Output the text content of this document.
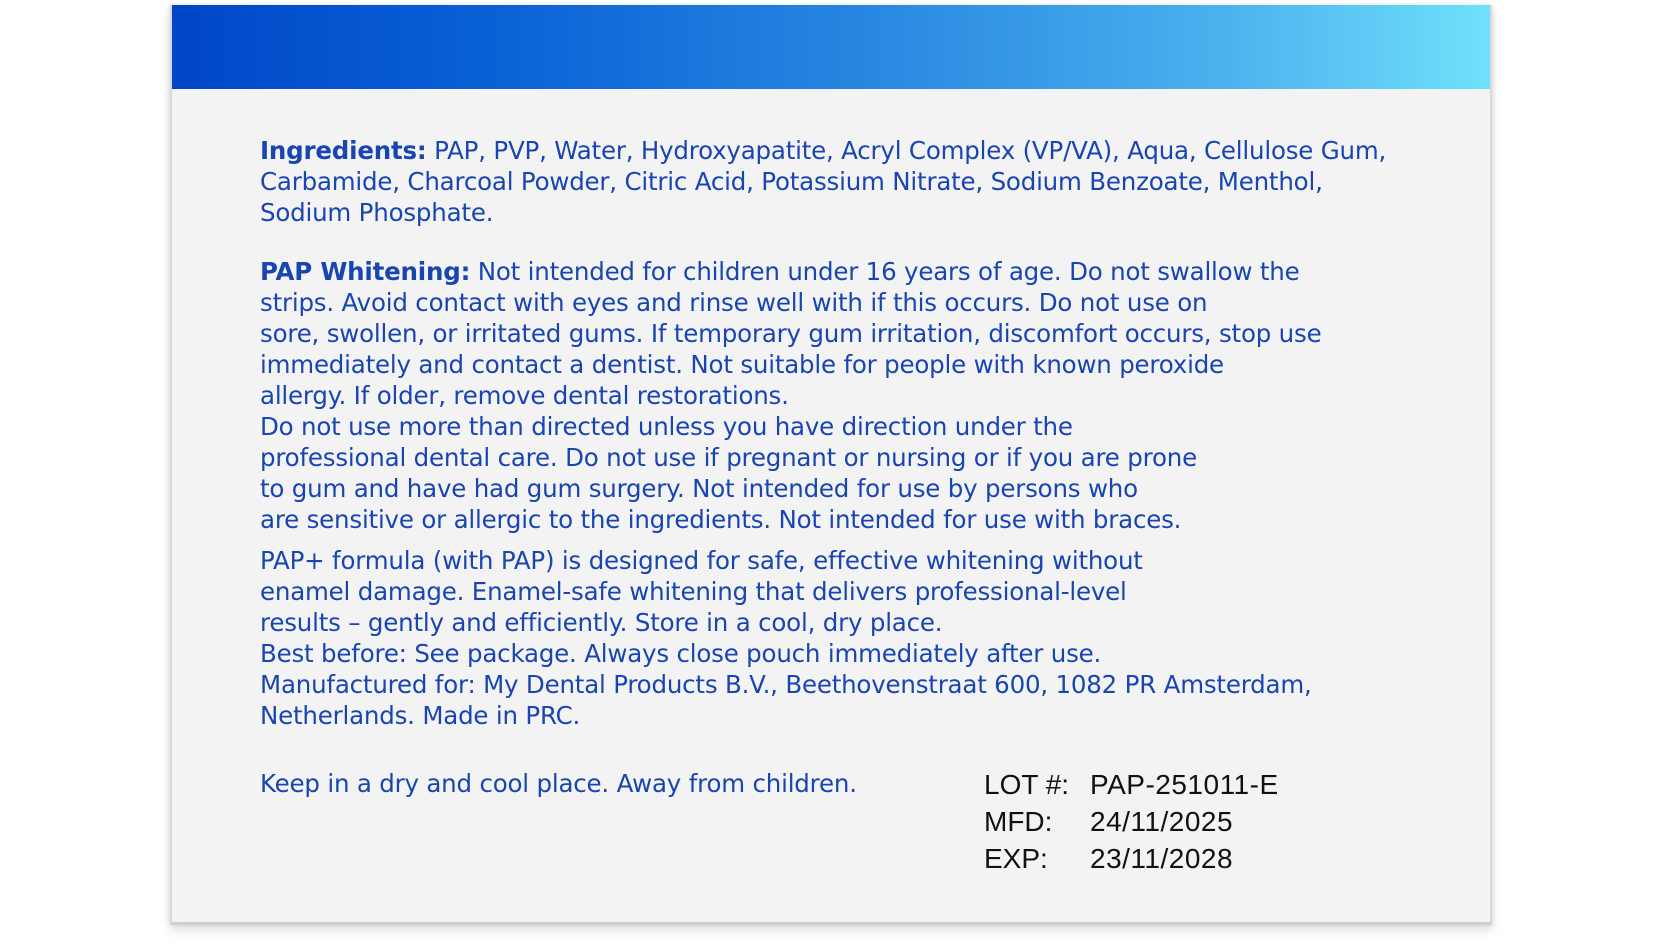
Ingredients: PAP, PVP, Water, Hydroxyapatite, Acryl Complex (VP/VA), Aqua, Cellulose Gum, Carbamide, Charcoal Powder, Citric Acid, Potassium Nitrate, Sodium Benzoate, Menthol, Sodium Phosphate.

PAP Whitening: Not intended for children under 16 years of age. Do not swallow the
strips. Avoid contact with eyes and rinse well with if this occurs. Do not use on
sore, swollen, or irritated gums. If temporary gum irritation, discomfort occurs, stop use
immediately and contact a dentist. Not suitable for people with known peroxide
allergy. If older, remove dental restorations.
Do not use more than directed unless you have direction under the
professional dental care. Do not use if pregnant or nursing or if you are prone
to gum and have had gum surgery. Not intended for use by persons who
are sensitive or allergic to the ingredients. Not intended for use with braces.
PAP+ formula (with PAP) is designed for safe, effective whitening without
enamel damage. Enamel-safe whitening that delivers professional-level
results – gently and efficiently. Store in a cool, dry place.
Best before: See package. Always close pouch immediately after use.
Manufactured for: My Dental Products B.V., Beethovenstraat 600, 1082 PR Amsterdam,
Netherlands. Made in PRC.
Keep in a dry and cool place. Away from children.	LOT #: PAP-251011-E
MFD:	24/11/2025
EXP:	23/11/2028
